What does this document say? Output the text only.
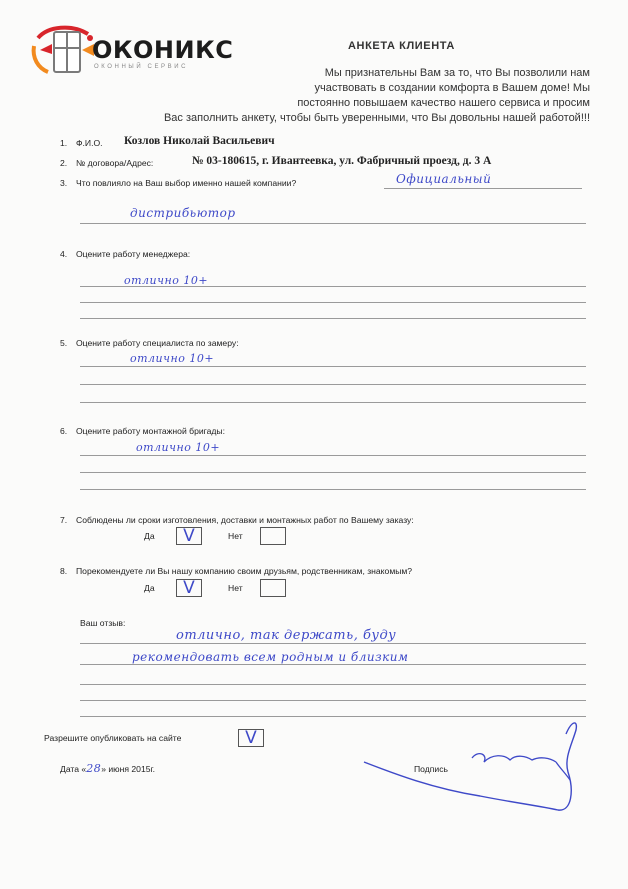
ОКОНИКС
ОКОННЫЙ СЕРВИС
АНКЕТА КЛИЕНТА
Мы признательны Вам за то, что Вы позволили нам
участвовать в создании комфорта в Вашем доме! Мы
постоянно повышаем качество нашего сервиса и просим
Вас заполнить анкету, чтобы быть уверенными, что Вы довольны нашей работой!!!
1. Ф.И.О. Козлов Николай Васильевич
2. № договора/Адрес:	№ 03-180615, г. Ивантеевка, ул. Фабричный проезд, д. 3 А
3. Что повлияло на Ваш выбор именно нашей компании?	Официальный
дистрибьютор
4. Оцените работу менеджера:
отлично 10+
5. Оцените работу специалиста по замеру:
отлично 10+
6. Оцените работу монтажной бригады:
отлично 10+
7. Соблюдены ли сроки изготовления, доставки и монтажных работ по Вашему заказу:
Да	V	Нет
8. Порекомендуете ли Вы нашу компанию своим друзьям, родственникам, знакомым?
Да	V	Нет
Ваш отзыв:
отлично, так держать, буду
рекомендовать всем родным и близким
Разрешите опубликовать на сайте	V
Дата «28» июня 2015г.	Подпись
